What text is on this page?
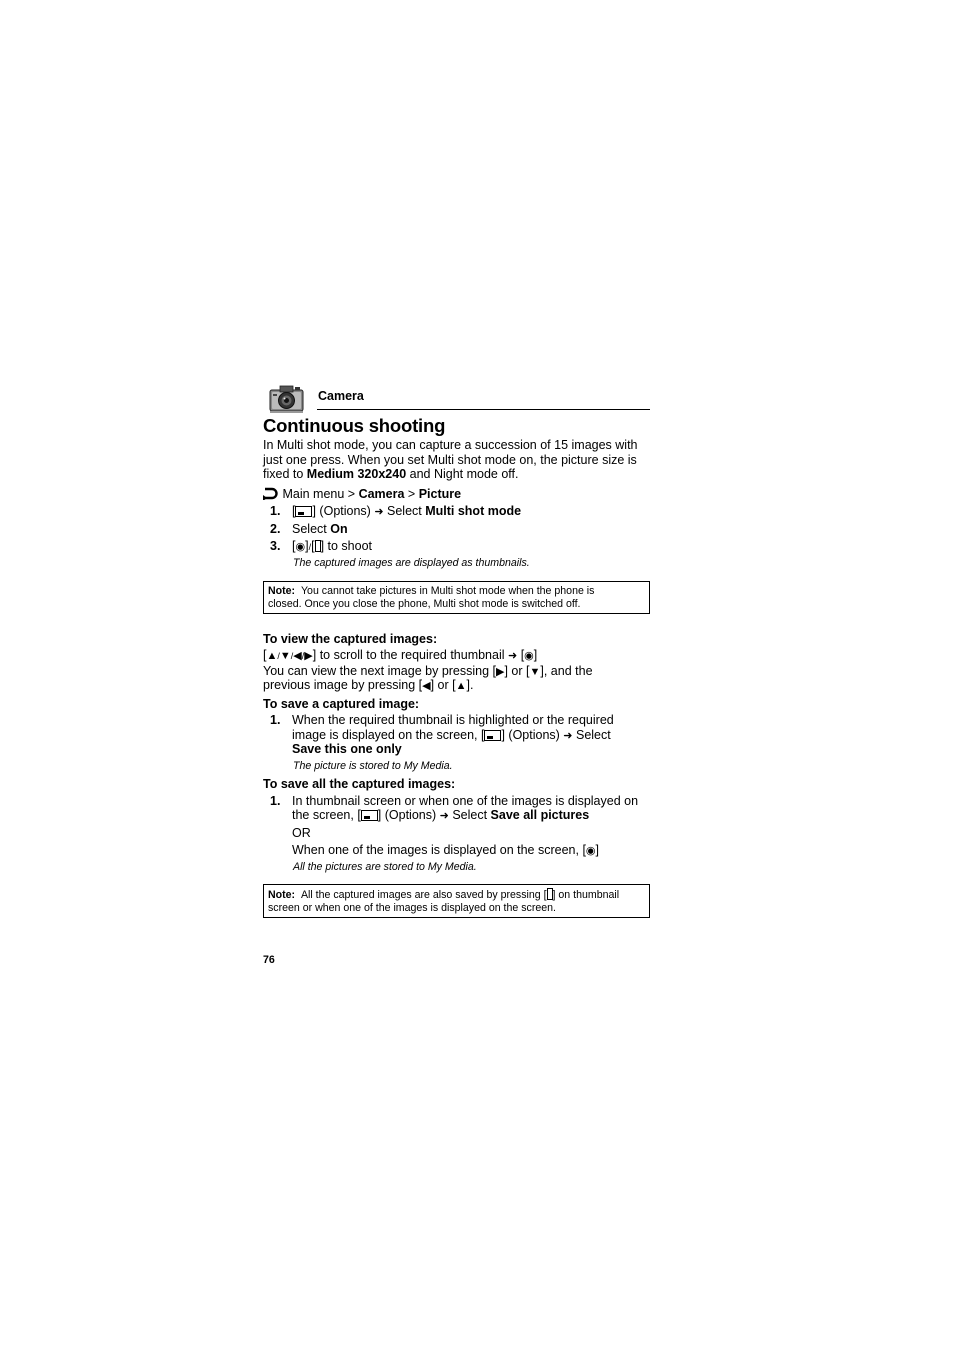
Camera
Continuous shooting
In Multi shot mode, you can capture a succession of 15 images with
just one press. When you set Multi shot mode on, the picture size is
fixed to Medium 320x240 and Night mode off.
Main menu > Camera > Picture
1. [ ] (Options) ➜ Select Multi shot mode
2. Select On
3. [◉]/[ ] to shoot
The captured images are displayed as thumbnails.
Note: You cannot take pictures in Multi shot mode when the phone is
closed. Once you close the phone, Multi shot mode is switched off.
To view the captured images:
[▲/▼/◀/▶] to scroll to the required thumbnail ➜ [◉]
You can view the next image by pressing [▶] or [▼], and the
previous image by pressing [◀] or [▲].
To save a captured image:
1. When the required thumbnail is highlighted or the required
image is displayed on the screen, [ ] (Options) ➜ Select
Save this one only
The picture is stored to My Media.
To save all the captured images:
1. In thumbnail screen or when one of the images is displayed on
the screen, [ ] (Options) ➜ Select Save all pictures
OR
When one of the images is displayed on the screen, [◉]
All the pictures are stored to My Media.
Note: All the captured images are also saved by pressing [ ] on thumbnail
screen or when one of the images is displayed on the screen.
76
